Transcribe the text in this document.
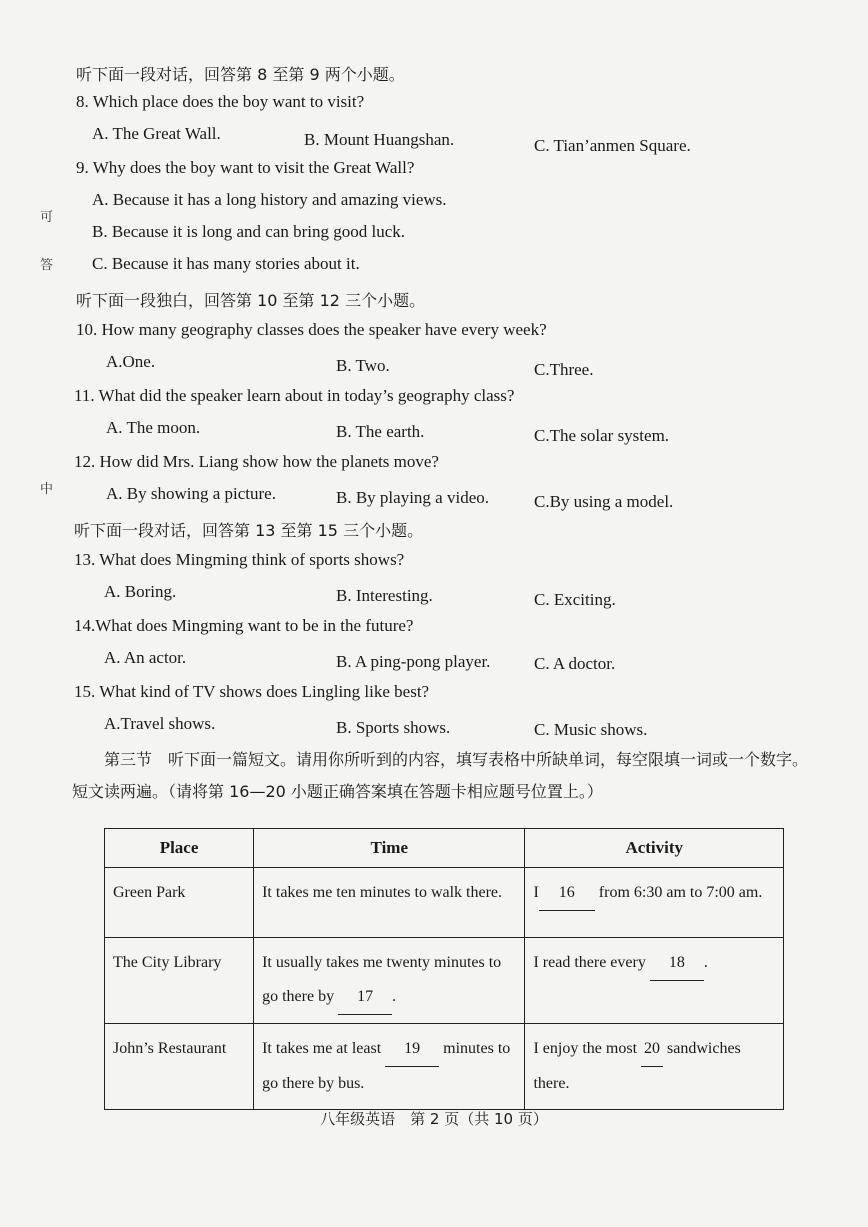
可
答
中
听下面一段对话，回答第 8 至第 9 两个小题。
8. Which place does the boy want to visit?
A. The Great Wall.	B. Mount Huangshan.	C. Tian’anmen Square.
9. Why does the boy want to visit the Great Wall?
A. Because it has a long history and amazing views.
B. Because it is long and can bring good luck.
C. Because it has many stories about it.
听下面一段独白，回答第 10 至第 12 三个小题。
10. How many geography classes does the speaker have every week?
A.One.	B. Two.	C.Three.
11. What did the speaker learn about in today’s geography class?
A. The moon.	B. The earth.	C.The solar system.
12. How did Mrs. Liang show how the planets move?
A. By showing a picture.	B. By playing a video.	C.By using a model.
听下面一段对话，回答第 13 至第 15 三个小题。
13. What does Mingming think of sports shows?
A. Boring.	B. Interesting.	C. Exciting.
14.What does Mingming want to be in the future?
A. An actor.	B. A ping-pong player.	C. A doctor.
15. What kind of TV shows does Lingling like best?
A.Travel shows.	B. Sports shows.	C. Music shows.
第三节　听下面一篇短文。请用你所听到的内容，填写表格中所缺单词，每空限填一词或一个数字。短文读两遍。（请将第 16—20 小题正确答案填在答题卡相应题号位置上。）
Place	Time	Activity
Green Park	It takes me ten minutes to walk there.	I 16 from 6:30 am to 7:00 am.
The City Library	It usually takes me twenty minutes to go there by 17 .	I read there every 18 .
John’s Restaurant	It takes me at least 19 minutes to go there by bus.	I enjoy the most 20 sandwiches there.
八年级英语　第 2 页（共 10 页）
